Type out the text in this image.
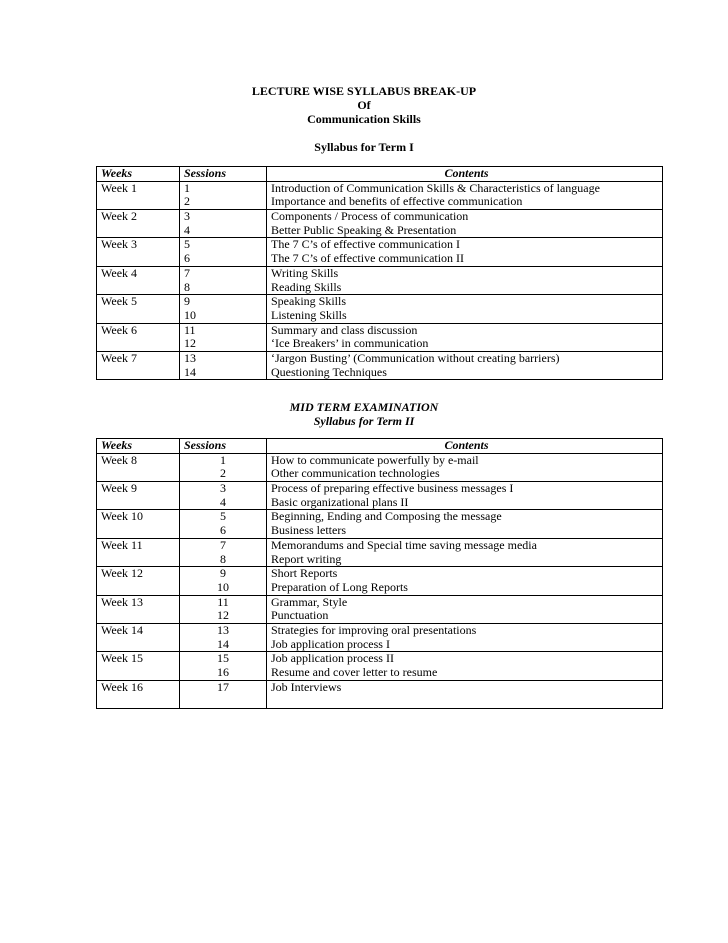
LECTURE WISE SYLLABUS BREAK-UP
Of
Communication Skills
Syllabus for Term I
Weeks	Sessions	Contents
Week 1	1	Introduction of Communication Skills & Characteristics of language
	2	Importance and benefits of effective communication
Week 2	3	Components / Process of communication
	4	Better Public Speaking & Presentation
Week 3	5	The 7 C’s of effective communication I
	6	The 7 C’s of effective communication II
Week 4	7	Writing Skills
	8	Reading Skills
Week 5	9	Speaking Skills
	10	Listening Skills
Week 6	11	Summary and class discussion
	12	‘Ice Breakers’ in communication
Week 7	13	‘Jargon Busting’ (Communication without creating barriers)
	14	Questioning Techniques
MID TERM EXAMINATION
Syllabus for Term II
Weeks	Sessions	Contents
Week 8	1	How to communicate powerfully by e-mail
	2	Other communication technologies
Week 9	3	Process of preparing effective business messages I
	4	Basic organizational plans II
Week 10	5	Beginning, Ending and Composing the message
	6	Business letters
Week 11	7	Memorandums and Special time saving message media
	8	Report writing
Week 12	9	Short Reports
	10	Preparation of Long Reports
Week 13	11	Grammar, Style
	12	Punctuation
Week 14	13	Strategies for improving oral presentations
	14	Job application process I
Week 15	15	Job application process II
	16	Resume and cover letter to resume
Week 16	17	Job Interviews
